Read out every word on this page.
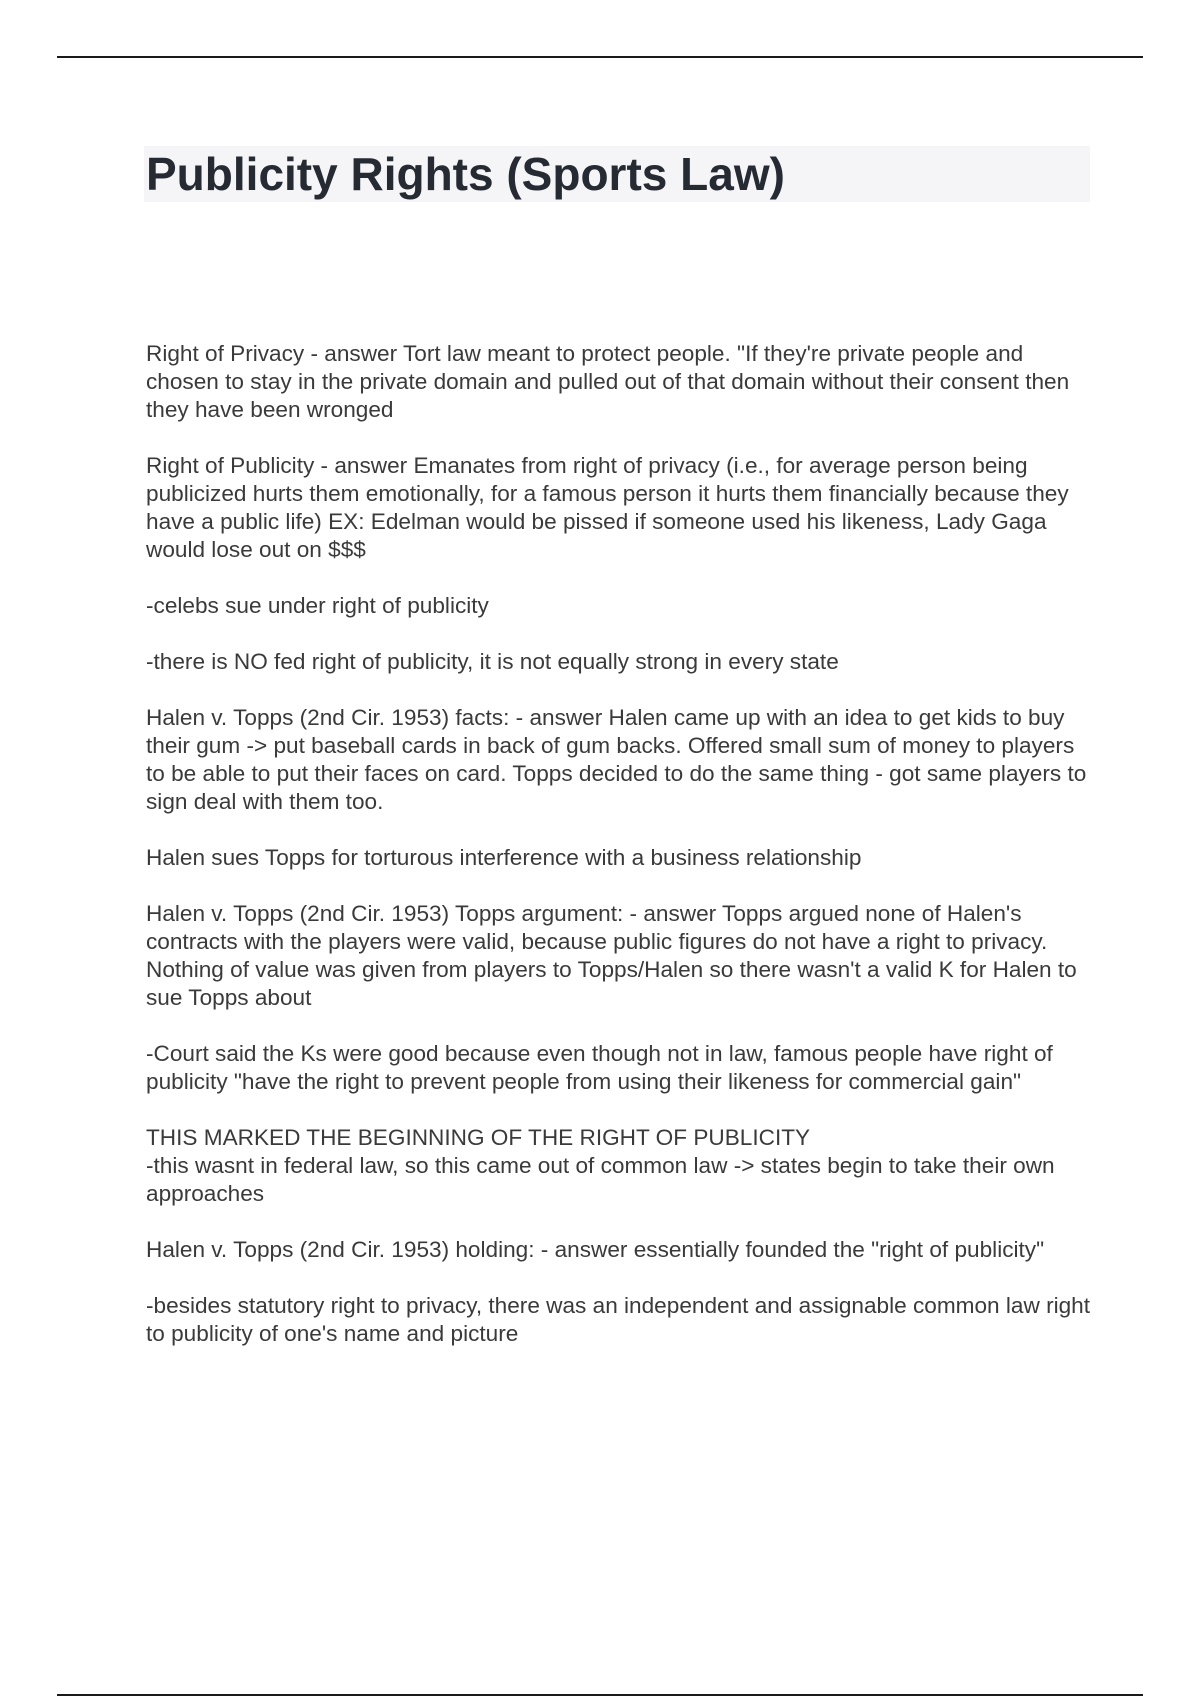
Publicity Rights (Sports Law)

Right of Privacy - answer Tort law meant to protect people. "If they're private people and chosen to stay in the private domain and pulled out of that domain without their consent then they have been wronged

Right of Publicity - answer Emanates from right of privacy (i.e., for average person being publicized hurts them emotionally, for a famous person it hurts them financially because they have a public life) EX: Edelman would be pissed if someone used his likeness, Lady Gaga would lose out on $$$

-celebs sue under right of publicity

-there is NO fed right of publicity, it is not equally strong in every state

Halen v. Topps (2nd Cir. 1953) facts: - answer Halen came up with an idea to get kids to buy their gum -> put baseball cards in back of gum backs. Offered small sum of money to players to be able to put their faces on card. Topps decided to do the same thing - got same players to sign deal with them too.

Halen sues Topps for torturous interference with a business relationship

Halen v. Topps (2nd Cir. 1953) Topps argument: - answer Topps argued none of Halen's contracts with the players were valid, because public figures do not have a right to privacy. Nothing of value was given from players to Topps/Halen so there wasn't a valid K for Halen to sue Topps about

-Court said the Ks were good because even though not in law, famous people have right of publicity "have the right to prevent people from using their likeness for commercial gain"

THIS MARKED THE BEGINNING OF THE RIGHT OF PUBLICITY
-this wasnt in federal law, so this came out of common law -> states begin to take their own approaches

Halen v. Topps (2nd Cir. 1953) holding: - answer essentially founded the "right of publicity"

-besides statutory right to privacy, there was an independent and assignable common law right to publicity of one's name and picture
